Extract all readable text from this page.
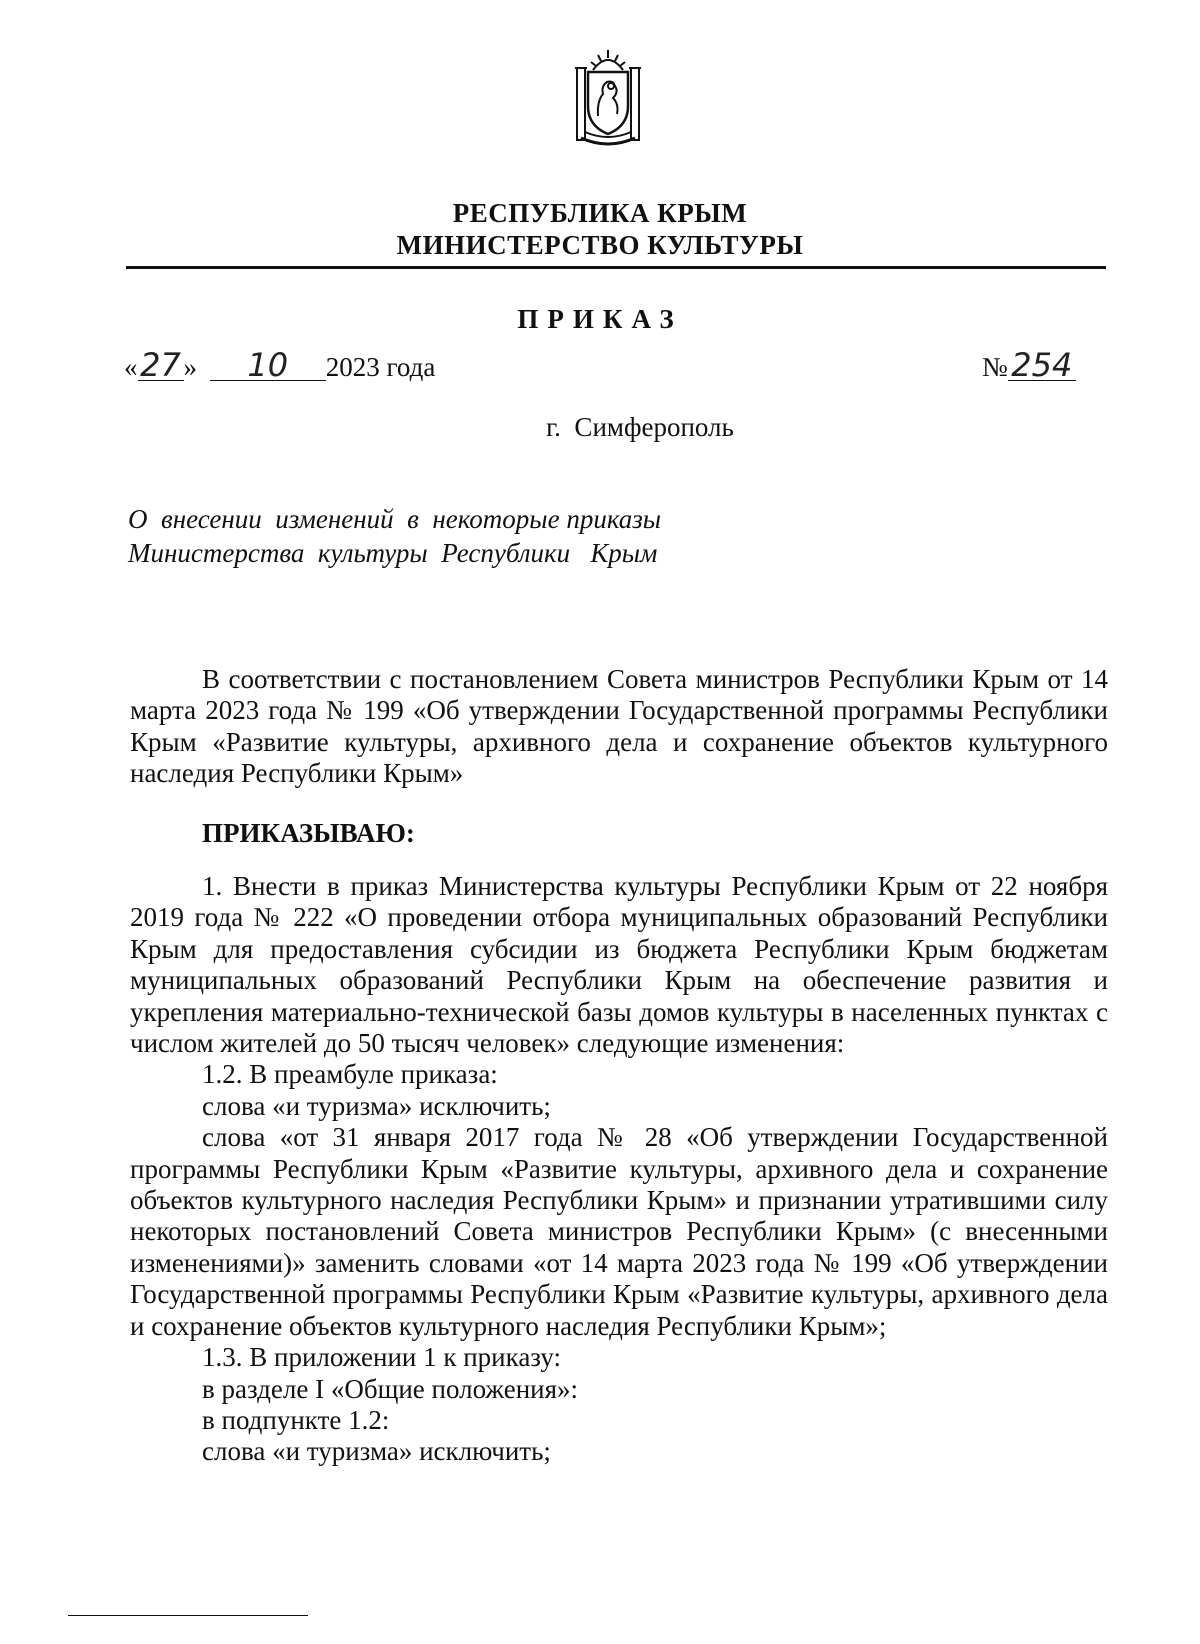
РЕСПУБЛИКА КРЫМ
МИНИСТЕРСТВО КУЛЬТУРЫ
ПРИКАЗ
«27» 10 2023 года	№ 254
г.  Симферополь
О  внесении  изменений  в  некоторые приказы
Министерства  культуры  Республики   Крым

В соответствии с постановлением Совета министров Республики Крым от 14 марта 2023 года № 199 «Об утверждении Государственной программы Республики Крым «Развитие культуры, архивного дела и сохранение объектов культурного наследия Республики Крым»

ПРИКАЗЫВАЮ:

1. Внести в приказ Министерства культуры Республики Крым от 22 ноября 2019 года № 222 «О проведении отбора муниципальных образований Республики Крым для предоставления субсидии из бюджета Республики Крым бюджетам муниципальных образований Республики Крым на обеспечение развития и укрепления материально-технической базы домов культуры в населенных пунктах с числом жителей до 50 тысяч человек» следующие изменения:

1.2. В преамбуле приказа:

слова «и туризма» исключить;

слова «от 31 января 2017 года № 28 «Об утверждении Государственной программы Республики Крым «Развитие культуры, архивного дела и сохранение объектов культурного наследия Республики Крым» и признании утратившими силу некоторых постановлений Совета министров Республики Крым» (с внесенными изменениями)» заменить словами «от 14 марта 2023 года № 199 «Об утверждении Государственной программы Республики Крым «Развитие культуры, архивного дела и сохранение объектов культурного наследия Республики Крым»;

1.3. В приложении 1 к приказу:

в разделе I «Общие положения»:

в подпункте 1.2:

слова «и туризма» исключить;
